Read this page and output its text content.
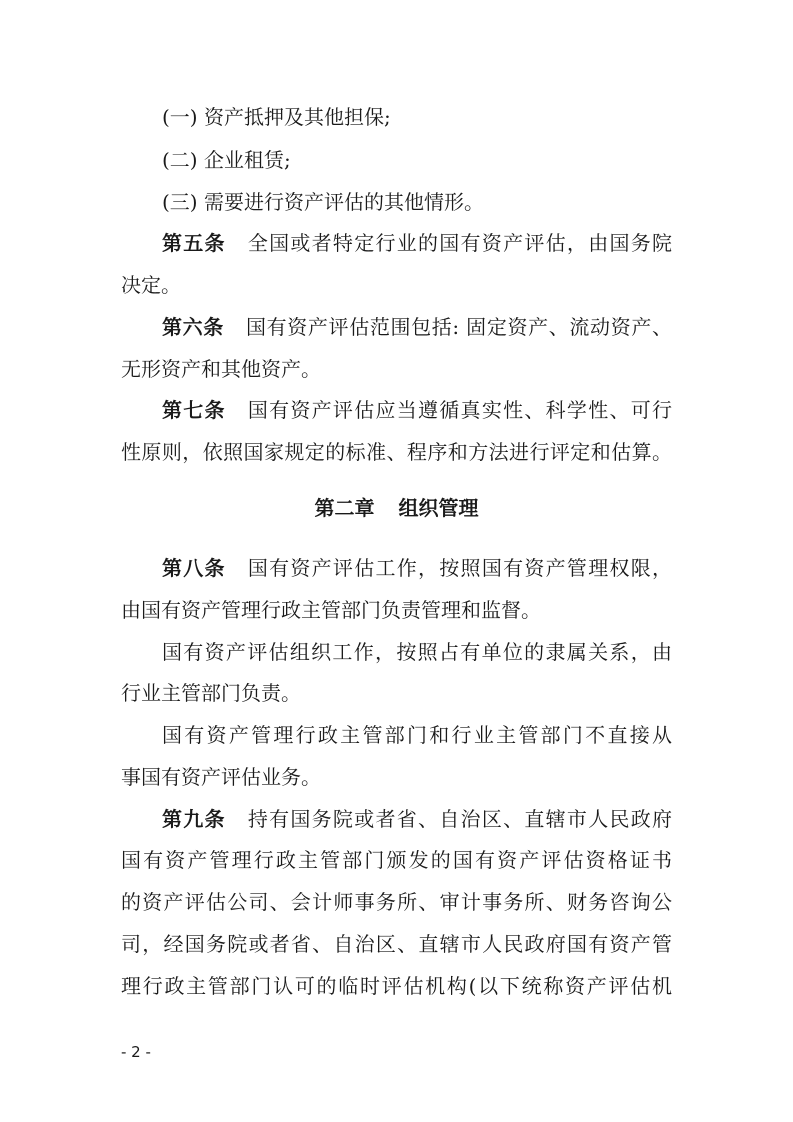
(一) 资产抵押及其他担保;
(二) 企业租赁;
(三) 需要进行资产评估的其他情形。
第五条 全国或者特定行业的国有资产评估，由国务院
决定。
第六条 国有资产评估范围包括: 固定资产、流动资产、
无形资产和其他资产。
第七条 国有资产评估应当遵循真实性、科学性、可行
性原则，依照国家规定的标准、程序和方法进行评定和估算。
第二章 组织管理
第八条 国有资产评估工作，按照国有资产管理权限，
由国有资产管理行政主管部门负责管理和监督。
国有资产评估组织工作，按照占有单位的隶属关系，由
行业主管部门负责。
国有资产管理行政主管部门和行业主管部门不直接从
事国有资产评估业务。
第九条 持有国务院或者省、自治区、直辖市人民政府
国有资产管理行政主管部门颁发的国有资产评估资格证书
的资产评估公司、会计师事务所、审计事务所、财务咨询公
司，经国务院或者省、自治区、直辖市人民政府国有资产管
理行政主管部门认可的临时评估机构(以下统称资产评估机
- 2 -
